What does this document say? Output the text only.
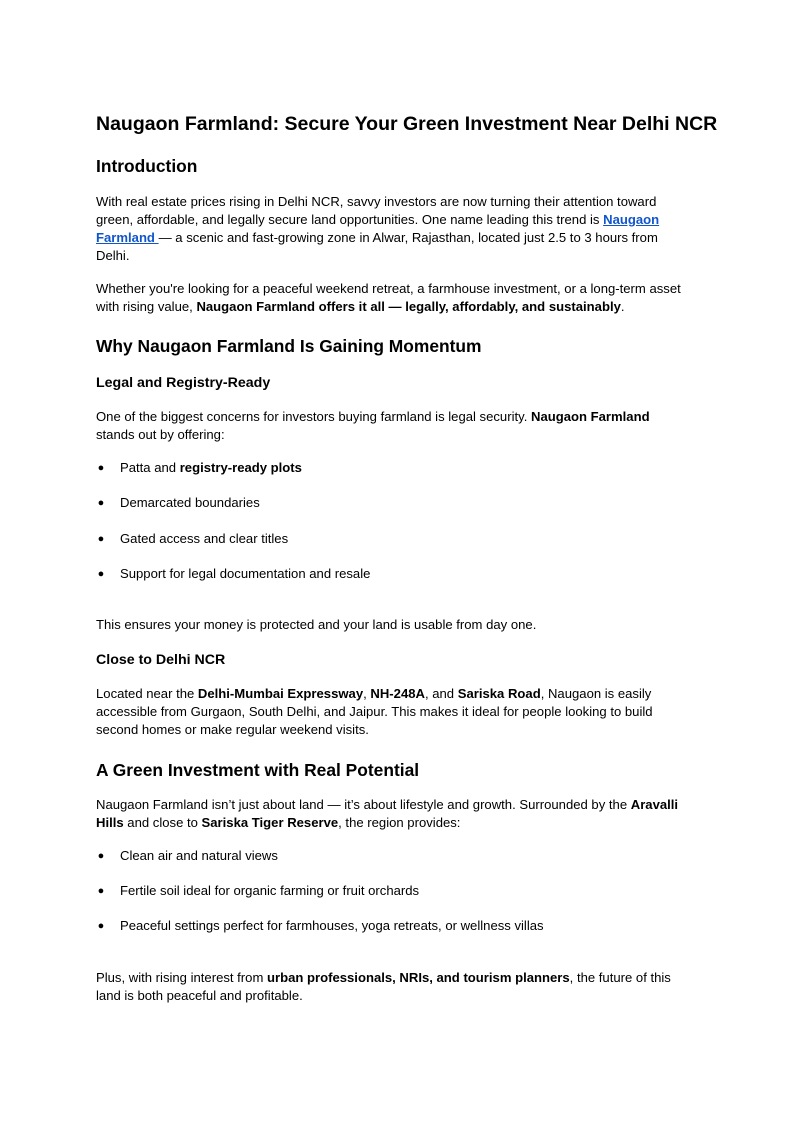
Naugaon Farmland: Secure Your Green Investment Near Delhi NCR
Introduction
With real estate prices rising in Delhi NCR, savvy investors are now turning their attention toward
green, affordable, and legally secure land opportunities. One name leading this trend is Naugaon
Farmland — a scenic and fast-growing zone in Alwar, Rajasthan, located just 2.5 to 3 hours from
Delhi.
Whether you're looking for a peaceful weekend retreat, a farmhouse investment, or a long-term asset
with rising value, Naugaon Farmland offers it all — legally, affordably, and sustainably.
Why Naugaon Farmland Is Gaining Momentum
Legal and Registry-Ready
One of the biggest concerns for investors buying farmland is legal security. Naugaon Farmland
stands out by offering:
● Patta and registry-ready plots
● Demarcated boundaries
● Gated access and clear titles
● Support for legal documentation and resale
This ensures your money is protected and your land is usable from day one.
Close to Delhi NCR
Located near the Delhi-Mumbai Expressway, NH-248A, and Sariska Road, Naugaon is easily
accessible from Gurgaon, South Delhi, and Jaipur. This makes it ideal for people looking to build
second homes or make regular weekend visits.
A Green Investment with Real Potential
Naugaon Farmland isn’t just about land — it’s about lifestyle and growth. Surrounded by the Aravalli
Hills and close to Sariska Tiger Reserve, the region provides:
● Clean air and natural views
● Fertile soil ideal for organic farming or fruit orchards
● Peaceful settings perfect for farmhouses, yoga retreats, or wellness villas
Plus, with rising interest from urban professionals, NRIs, and tourism planners, the future of this
land is both peaceful and profitable.
